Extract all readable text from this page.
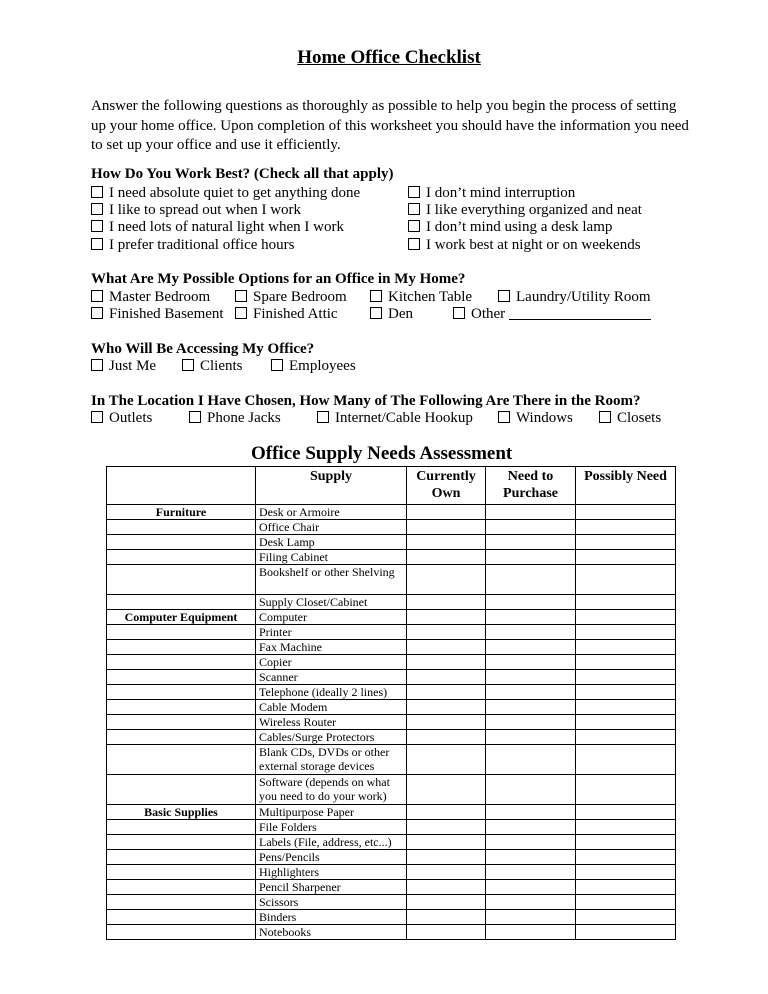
Home Office Checklist
Answer the following questions as thoroughly as possible to help you begin the process of setting up your home office. Upon completion of this worksheet you should have the information you need to set up your office and use it efficiently.
How Do You Work Best? (Check all that apply)
I need absolute quiet to get anything done
I like to spread out when I work
I need lots of natural light when I work
I prefer traditional office hours
I don’t mind interruption
I like everything organized and neat
I don’t mind using a desk lamp
I work best at night or on weekends
What Are My Possible Options for an Office in My Home?
Master Bedroom	Spare Bedroom	Kitchen Table	Laundry/Utility Room
Finished Basement	Finished Attic	Den	Other
Who Will Be Accessing My Office?
Just Me	Clients	Employees
In The Location I Have Chosen, How Many of The Following Are There in the Room?
Outlets	Phone Jacks	Internet/Cable Hookup	Windows	Closets
Office Supply Needs Assessment
	Supply	Currently Own	Need to Purchase	Possibly Need
Furniture	Desk or Armoire			
	Office Chair			
	Desk Lamp			
	Filing Cabinet			
	Bookshelf or other Shelving			
	Supply Closet/Cabinet			
Computer Equipment	Computer			
	Printer			
	Fax Machine			
	Copier			
	Scanner			
	Telephone (ideally 2 lines)			
	Cable Modem			
	Wireless Router			
	Cables/Surge Protectors			
	Blank CDs, DVDs or other external storage devices			
	Software (depends on what you need to do your work)			
Basic Supplies	Multipurpose Paper			
	File Folders			
	Labels (File, address, etc...)			
	Pens/Pencils			
	Highlighters			
	Pencil Sharpener			
	Scissors			
	Binders			
	Notebooks			
